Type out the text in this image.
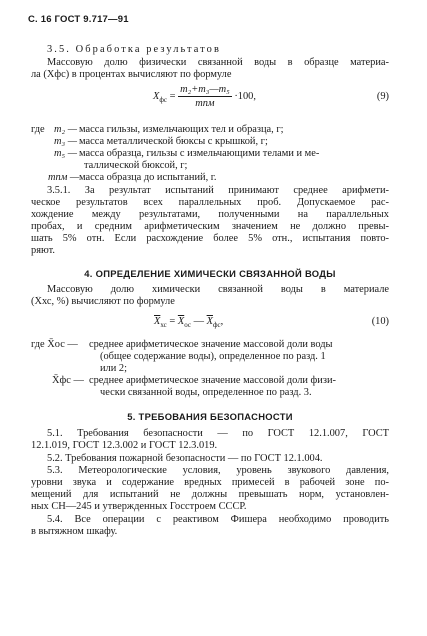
С. 16 ГОСТ 9.717—91
3.5. Обработка результатов
Массовую долю физически связанной воды в образце материа-
ла (Xфс) в процентах вычисляют по формуле
$X_{фс} = \frac{\text{m₂+m₃—m₅}}{\text{mпм}} \cdot 100$,	(9)
где m₂ — масса гильзы, измельчающих тел и образца, г;
m₃ — масса металлической бюксы с крышкой, г;
m₅ — масса образца, гильзы с измельчающими телами и ме-
таллической бюксой, г;
mпм — масса образца до испытаний, г.
3.5.1. За результат испытаний принимают среднее арифмети-
ческое результатов всех параллельных проб. Допускаемое рас-
хождение между результатами, полученными на параллельных
пробах, и средним арифметическим значением не должно превы-
шать 5% отн. Если расхождение более 5% отн., испытания повто-
ряют.
4. ОПРЕДЕЛЕНИЕ ХИМИЧЕСКИ СВЯЗАННОЙ ВОДЫ
Массовую долю химически связанной воды в материале
(X̄хс, %) вычисляют по формуле
$\overline{X}_{хс} = \overline{X}_{ос}$ — $\overline{X}_{фс}$,	(10)
где X̄ос — среднее арифметическое значение массовой доли воды
(общее содержание воды), определенное по разд. 1
или 2;
X̄фс — среднее арифметическое значение массовой доли физи-
чески связанной воды, определенное по разд. 3.
5. ТРЕБОВАНИЯ БЕЗОПАСНОСТИ
5.1. Требования безопасности — по ГОСТ 12.1.007, ГОСТ
12.1.019, ГОСТ 12.3.002 и ГОСТ 12.3.019.
5.2. Требования пожарной безопасности — по ГОСТ 12.1.004.
5.3. Метеорологические условия, уровень звукового давления,
уровни звука и содержание вредных примесей в рабочей зоне по-
мещений для испытаний не должны превышать норм, установлен-
ных СН—245 и утвержденных Госстроем СССР.
5.4. Все операции с реактивом Фишера необходимо проводить
в вытяжном шкафу.
